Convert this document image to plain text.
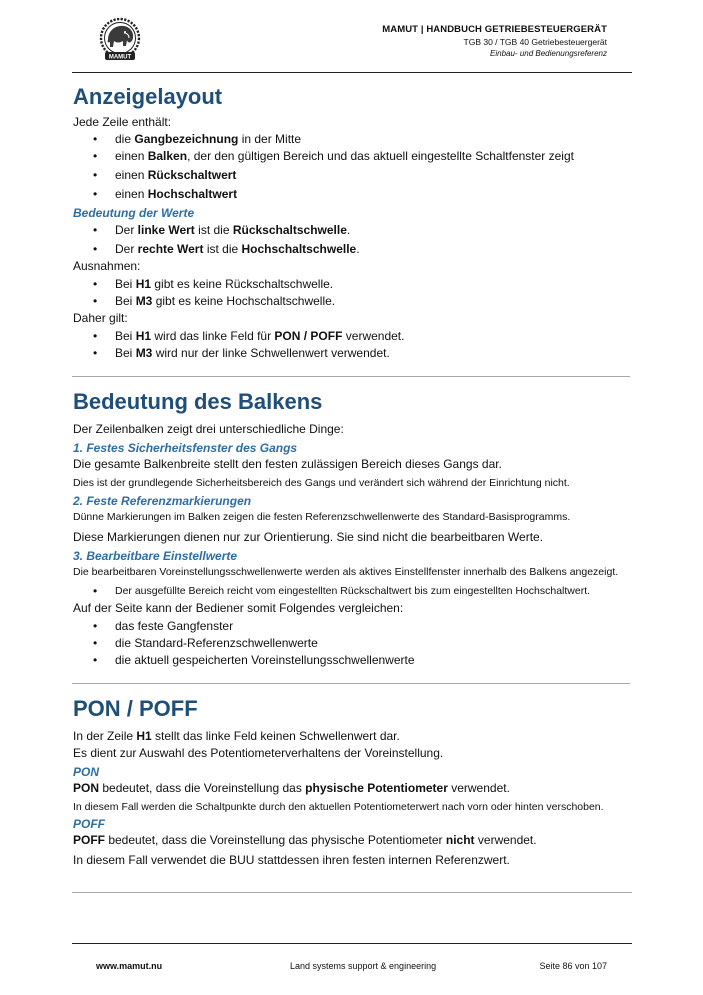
MAMUT
MAMUT | HANDBUCH GETRIEBESTEUERGERÄT
TGB 30 / TGB 40 Getriebesteuergerät
Einbau- und Bedienungsreferenz
Anzeigelayout

Jede Zeile enthält:

• die Gangbezeichnung in der Mitte
• einen Balken, der den gültigen Bereich und das aktuell eingestellte Schaltfenster zeigt
• einen Rückschaltwert
• einen Hochschaltwert

Bedeutung der Werte

• Der linke Wert ist die Rückschaltschwelle.
• Der rechte Wert ist die Hochschaltschwelle.

Ausnahmen:

• Bei H1 gibt es keine Rückschaltschwelle.
• Bei M3 gibt es keine Hochschaltschwelle.

Daher gilt:

• Bei H1 wird das linke Feld für PON / POFF verwendet.
• Bei M3 wird nur der linke Schwellenwert verwendet.
Bedeutung des Balkens

Der Zeilenbalken zeigt drei unterschiedliche Dinge:

1. Festes Sicherheitsfenster des Gangs

Die gesamte Balkenbreite stellt den festen zulässigen Bereich dieses Gangs dar.

Dies ist der grundlegende Sicherheitsbereich des Gangs und verändert sich während der Einrichtung nicht.

2. Feste Referenzmarkierungen

Dünne Markierungen im Balken zeigen die festen Referenzschwellenwerte des Standard-Basisprogramms.

Diese Markierungen dienen nur zur Orientierung. Sie sind nicht die bearbeitbaren Werte.

3. Bearbeitbare Einstellwerte

Die bearbeitbaren Voreinstellungsschwellenwerte werden als aktives Einstellfenster innerhalb des Balkens angezeigt.

• Der ausgefüllte Bereich reicht vom eingestellten Rückschaltwert bis zum eingestellten Hochschaltwert.

Auf der Seite kann der Bediener somit Folgendes vergleichen:

• das feste Gangfenster
• die Standard-Referenzschwellenwerte
• die aktuell gespeicherten Voreinstellungsschwellenwerte
PON / POFF

In der Zeile H1 stellt das linke Feld keinen Schwellenwert dar.

Es dient zur Auswahl des Potentiometerverhaltens der Voreinstellung.

PON

PON bedeutet, dass die Voreinstellung das physische Potentiometer verwendet.

In diesem Fall werden die Schaltpunkte durch den aktuellen Potentiometerwert nach vorn oder hinten verschoben.

POFF

POFF bedeutet, dass die Voreinstellung das physische Potentiometer nicht verwendet.

In diesem Fall verwendet die BUU stattdessen ihren festen internen Referenzwert.

www.mamut.nu	Land systems support & engineering	Seite 86 von 107
